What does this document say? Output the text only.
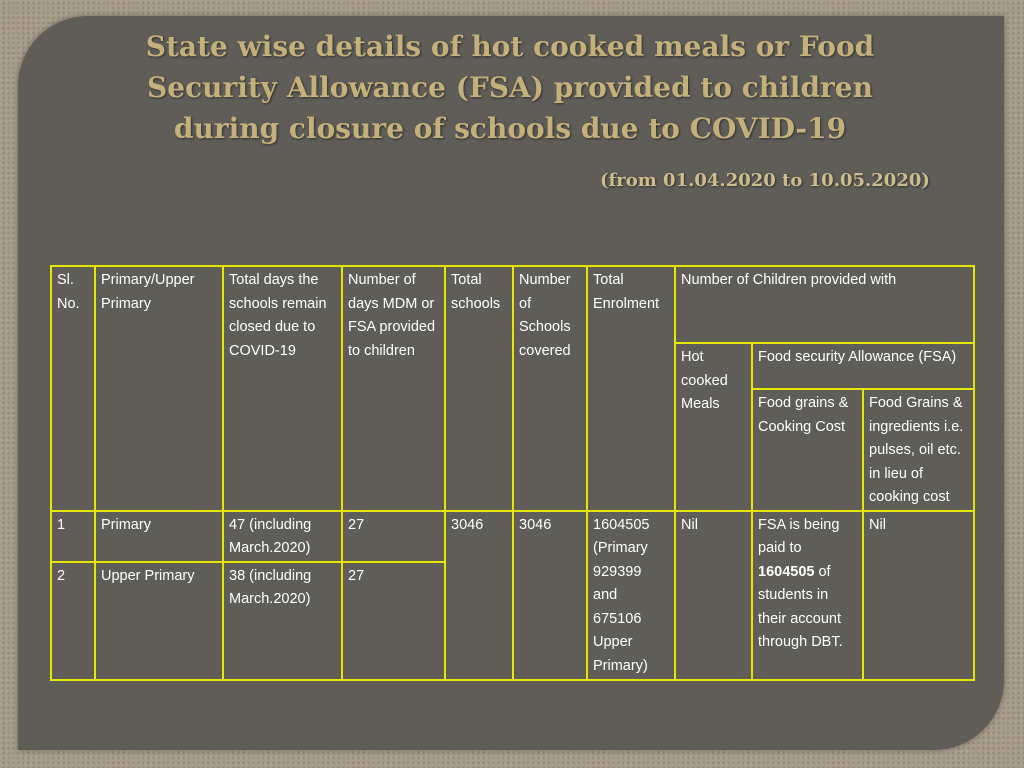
State wise details of hot cooked meals or Food Security Allowance (FSA) provided to children during closure of schools due to COVID-19

(from 01.04.2020 to 10.05.2020)

Sl. No.	Primary/Upper Primary	Total days the schools remain closed due to COVID-19	Number of days MDM or FSA provided to children	Total schools	Number of Schools covered	Total Enrolment	Number of Children provided with		
							Hot cooked Meals	Food security Allowance (FSA)	
								Food grains & Cooking Cost	Food Grains & ingredients i.e. pulses, oil etc. in lieu of cooking cost
1	Primary	47 (including March.2020)	27	3046	3046	1604505 (Primary 929399 and 675106 Upper Primary)	Nil	FSA is being paid to 1604505 of students in their account through DBT.	Nil
2	Upper Primary	38 (including March.2020)	27						
